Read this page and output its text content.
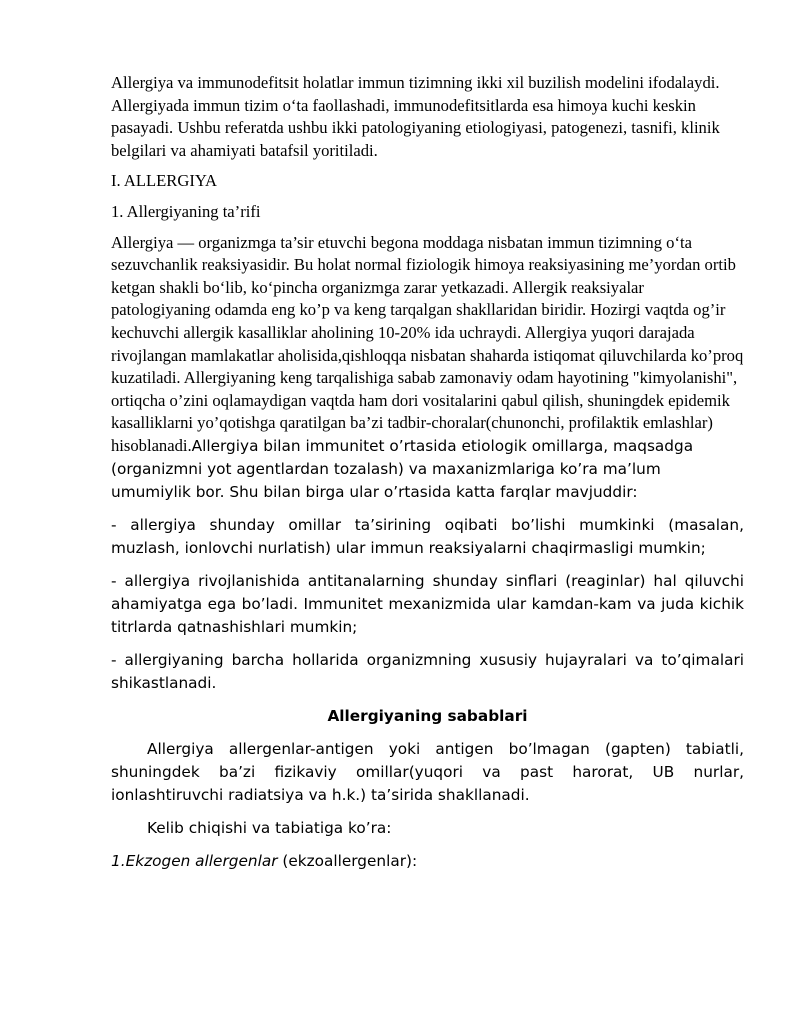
Allergiya va immunodefitsit holatlar immun tizimning ikki xil buzilish modelini ifodalaydi. Allergiyada immun tizim o‘ta faollashadi, immunodefitsitlarda esa himoya kuchi keskin pasayadi. Ushbu referatda ushbu ikki patologiyaning etiologiyasi, patogenezi, tasnifi, klinik belgilari va ahamiyati batafsil yoritiladi.

I. ALLERGIYA

1. Allergiyaning ta’rifi

Allergiya — organizmga ta’sir etuvchi begona moddaga nisbatan immun tizimning o‘ta sezuvchanlik reaksiyasidir. Bu holat normal fiziologik himoya reaksiyasining me’yordan ortib ketgan shakli bo‘lib, ko‘pincha organizmga zarar yetkazadi. Allergik reaksiyalar patologiyaning odamda eng ko’p va keng tarqalgan shakllaridan biridir. Hozirgi vaqtda og’ir kechuvchi allergik kasalliklar aholining 10-20% ida uchraydi. Allergiya yuqori darajada rivojlangan mamlakatlar aholisida,qishloqqa nisbatan shaharda istiqomat qiluvchilarda ko’proq kuzatiladi. Allergiyaning keng tarqalishiga sabab zamonaviy odam hayotining "kimyolanishi", ortiqcha o’zini oqlamaydigan vaqtda ham dori vositalarini qabul qilish, shuningdek epidemik kasalliklarni yo’qotishga qaratilgan ba’zi tadbir-choralar(chunonchi, profilaktik emlashlar) hisoblanadi.Allergiya bilan immunitet o’rtasida etiologik omillarga, maqsadga (organizmni yot agentlardan tozalash) va maxanizmlariga ko’ra ma’lum umumiylik bor. Shu bilan birga ular o’rtasida katta farqlar mavjuddir:

- allergiya shunday omillar ta’sirining oqibati bo’lishi mumkinki (masalan, muzlash, ionlovchi nurlatish) ular immun reaksiyalarni chaqirmasligi mumkin;

- allergiya rivojlanishida antitanalarning shunday sinflari (reaginlar) hal qiluvchi ahamiyatga ega bo’ladi. Immunitet mexanizmida ular kamdan-kam va juda kichik titrlarda qatnashishlari mumkin;

- allergiyaning barcha hollarida organizmning xususiy hujayralari va to’qimalari shikastlanadi.

Allergiyaning sabablari

Allergiya allergenlar-antigen yoki antigen bo’lmagan (gapten) tabiatli, shuningdek ba’zi fizikaviy omillar(yuqori va past harorat, UB nurlar, ionlashtiruvchi radiatsiya va h.k.) ta’sirida shakllanadi.

Kelib chiqishi va tabiatiga ko’ra:

1.Ekzogen allergenlar (ekzoallergenlar):
